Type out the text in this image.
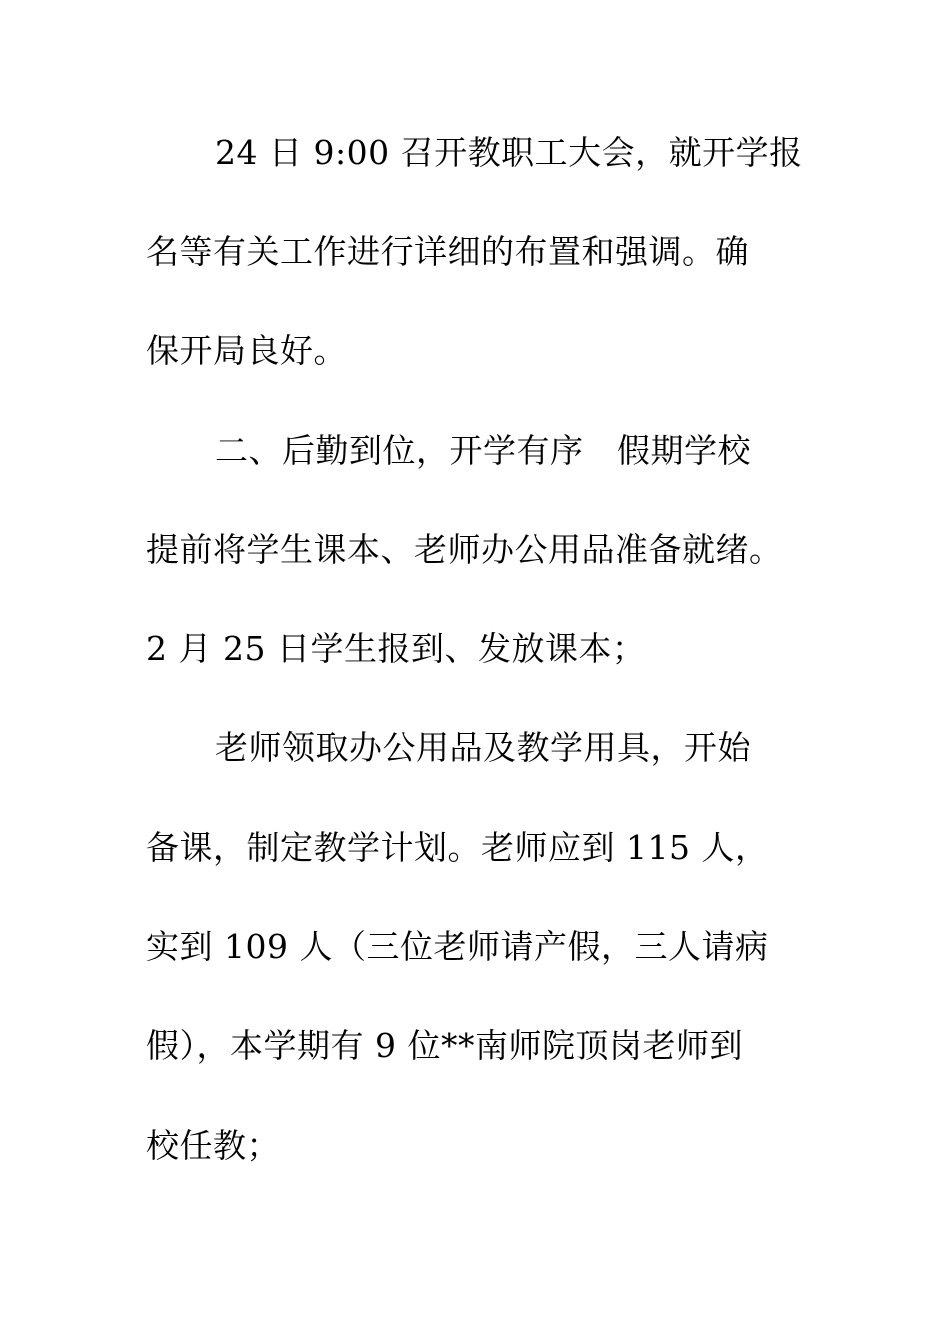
24 日 9:00 召开教职工大会，就开学报
名等有关工作进行详细的布置和强调。确
保开局良好。
二、后勤到位，开学有序　假期学校
提前将学生课本、老师办公用品准备就绪。
2 月 25 日学生报到、发放课本；
老师领取办公用品及教学用具，开始
备课，制定教学计划。老师应到 115 人，
实到 109 人（三位老师请产假，三人请病
假），本学期有 9 位**南师院顶岗老师到
校任教；
